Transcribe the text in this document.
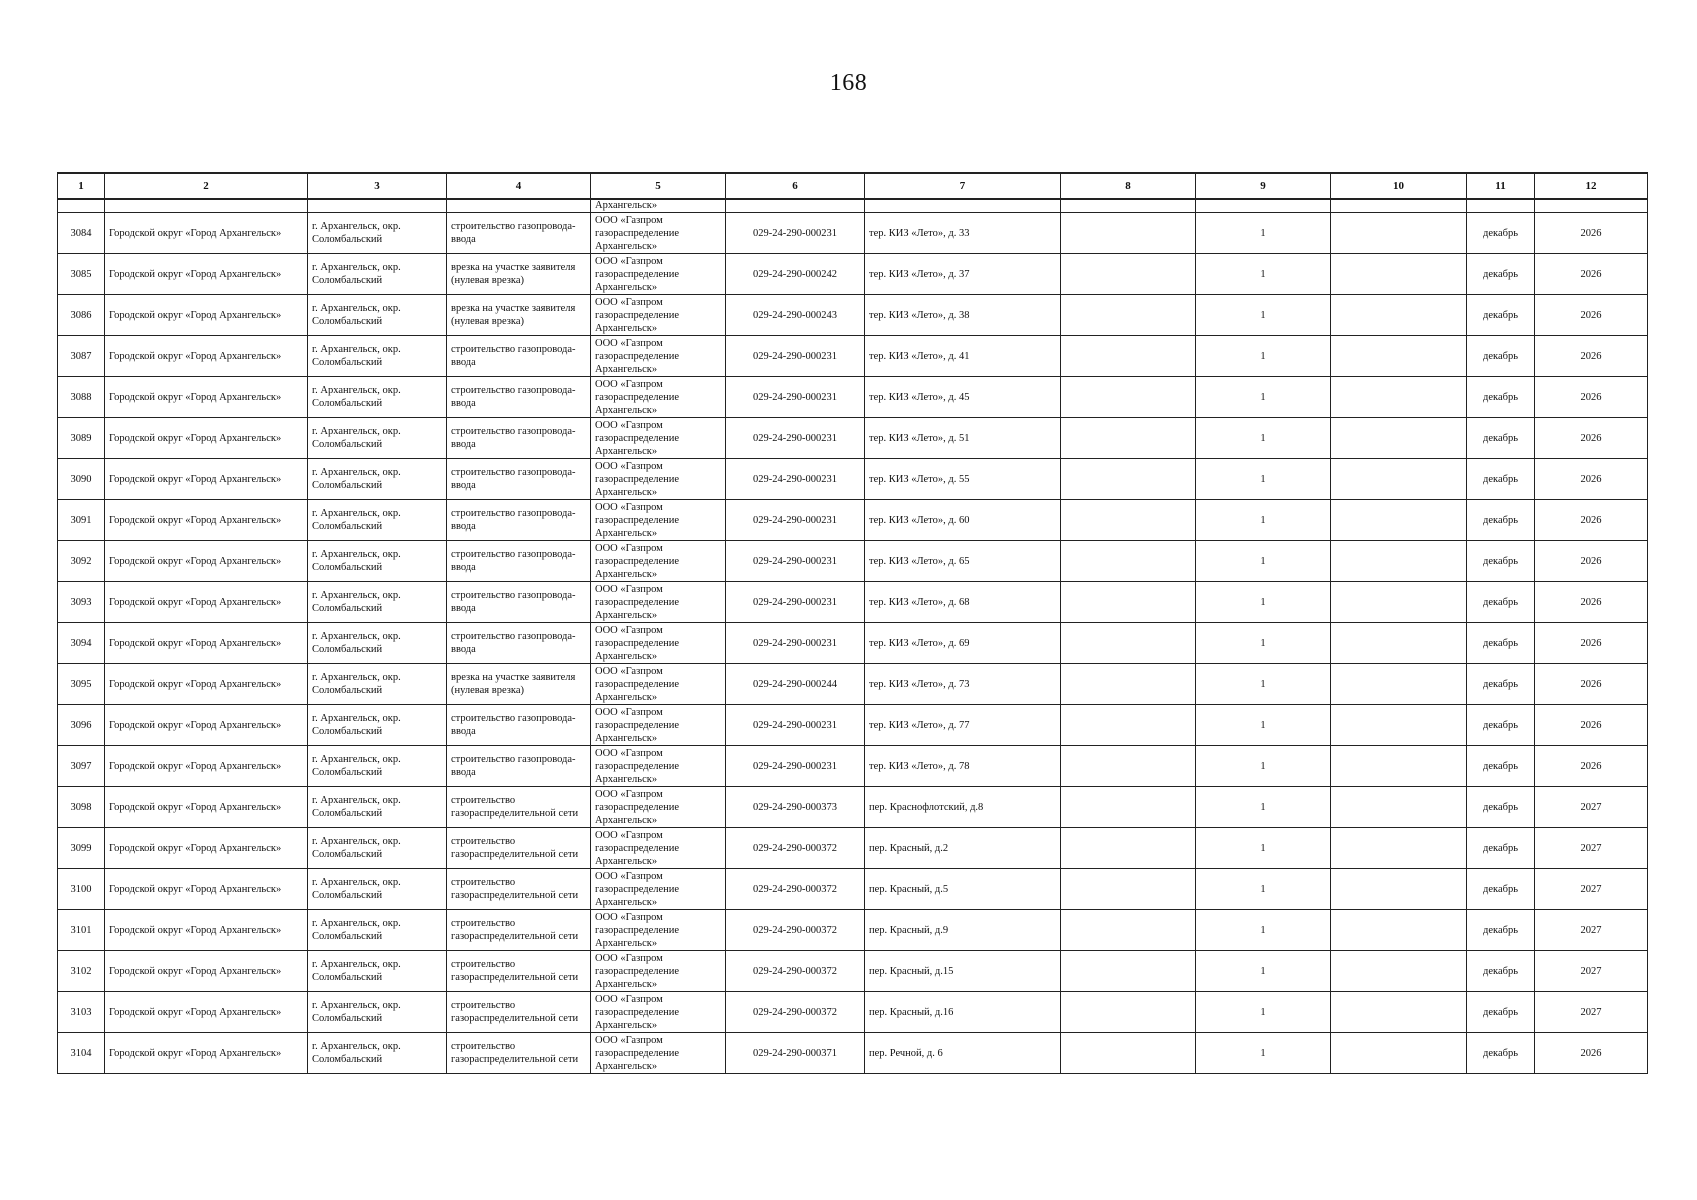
168
1	2	3	4	5	6	7	8	9	10	11	12
				Архангельск»							

3084	Городской округ «Город Архангельск»	г. Архангельск, окр. Соломбальский	строительство газопровода-ввода	ООО «Газпром газораспределение Архангельск»	029-24-290-000231	тер. КИЗ «Лето», д. 33		1		декабрь	2026

3085	Городской округ «Город Архангельск»	г. Архангельск, окр. Соломбальский	врезка на участке заявителя (нулевая врезка)	ООО «Газпром газораспределение Архангельск»	029-24-290-000242	тер. КИЗ «Лето», д. 37		1		декабрь	2026

3086	Городской округ «Город Архангельск»	г. Архангельск, окр. Соломбальский	врезка на участке заявителя (нулевая врезка)	ООО «Газпром газораспределение Архангельск»	029-24-290-000243	тер. КИЗ «Лето», д. 38		1		декабрь	2026

3087	Городской округ «Город Архангельск»	г. Архангельск, окр. Соломбальский	строительство газопровода-ввода	ООО «Газпром газораспределение Архангельск»	029-24-290-000231	тер. КИЗ «Лето», д. 41		1		декабрь	2026

3088	Городской округ «Город Архангельск»	г. Архангельск, окр. Соломбальский	строительство газопровода-ввода	ООО «Газпром газораспределение Архангельск»	029-24-290-000231	тер. КИЗ «Лето», д. 45		1		декабрь	2026

3089	Городской округ «Город Архангельск»	г. Архангельск, окр. Соломбальский	строительство газопровода-ввода	ООО «Газпром газораспределение Архангельск»	029-24-290-000231	тер. КИЗ «Лето», д. 51		1		декабрь	2026

3090	Городской округ «Город Архангельск»	г. Архангельск, окр. Соломбальский	строительство газопровода-ввода	ООО «Газпром газораспределение Архангельск»	029-24-290-000231	тер. КИЗ «Лето», д. 55		1		декабрь	2026

3091	Городской округ «Город Архангельск»	г. Архангельск, окр. Соломбальский	строительство газопровода-ввода	ООО «Газпром газораспределение Архангельск»	029-24-290-000231	тер. КИЗ «Лето», д. 60		1		декабрь	2026

3092	Городской округ «Город Архангельск»	г. Архангельск, окр. Соломбальский	строительство газопровода-ввода	ООО «Газпром газораспределение Архангельск»	029-24-290-000231	тер. КИЗ «Лето», д. 65		1		декабрь	2026

3093	Городской округ «Город Архангельск»	г. Архангельск, окр. Соломбальский	строительство газопровода-ввода	ООО «Газпром газораспределение Архангельск»	029-24-290-000231	тер. КИЗ «Лето», д. 68		1		декабрь	2026

3094	Городской округ «Город Архангельск»	г. Архангельск, окр. Соломбальский	строительство газопровода-ввода	ООО «Газпром газораспределение Архангельск»	029-24-290-000231	тер. КИЗ «Лето», д. 69		1		декабрь	2026

3095	Городской округ «Город Архангельск»	г. Архангельск, окр. Соломбальский	врезка на участке заявителя (нулевая врезка)	ООО «Газпром газораспределение Архангельск»	029-24-290-000244	тер. КИЗ «Лето», д. 73		1		декабрь	2026

3096	Городской округ «Город Архангельск»	г. Архангельск, окр. Соломбальский	строительство газопровода-ввода	ООО «Газпром газораспределение Архангельск»	029-24-290-000231	тер. КИЗ «Лето», д. 77		1		декабрь	2026

3097	Городской округ «Город Архангельск»	г. Архангельск, окр. Соломбальский	строительство газопровода-ввода	ООО «Газпром газораспределение Архангельск»	029-24-290-000231	тер. КИЗ «Лето», д. 78		1		декабрь	2026

3098	Городской округ «Город Архангельск»	г. Архангельск, окр. Соломбальский	строительство газораспределительной сети	ООО «Газпром газораспределение Архангельск»	029-24-290-000373	пер. Краснофлотский, д.8		1		декабрь	2027

3099	Городской округ «Город Архангельск»	г. Архангельск, окр. Соломбальский	строительство газораспределительной сети	ООО «Газпром газораспределение Архангельск»	029-24-290-000372	пер. Красный, д.2		1		декабрь	2027

3100	Городской округ «Город Архангельск»	г. Архангельск, окр. Соломбальский	строительство газораспределительной сети	ООО «Газпром газораспределение Архангельск»	029-24-290-000372	пер. Красный, д.5		1		декабрь	2027

3101	Городской округ «Город Архангельск»	г. Архангельск, окр. Соломбальский	строительство газораспределительной сети	ООО «Газпром газораспределение Архангельск»	029-24-290-000372	пер. Красный, д.9		1		декабрь	2027

3102	Городской округ «Город Архангельск»	г. Архангельск, окр. Соломбальский	строительство газораспределительной сети	ООО «Газпром газораспределение Архангельск»	029-24-290-000372	пер. Красный, д.15		1		декабрь	2027

3103	Городской округ «Город Архангельск»	г. Архангельск, окр. Соломбальский	строительство газораспределительной сети	ООО «Газпром газораспределение Архангельск»	029-24-290-000372	пер. Красный, д.16		1		декабрь	2027

3104	Городской округ «Город Архангельск»	г. Архангельск, окр. Соломбальский	строительство газораспределительной сети	ООО «Газпром газораспределение Архангельск»	029-24-290-000371	пер. Речной, д. 6		1		декабрь	2026
